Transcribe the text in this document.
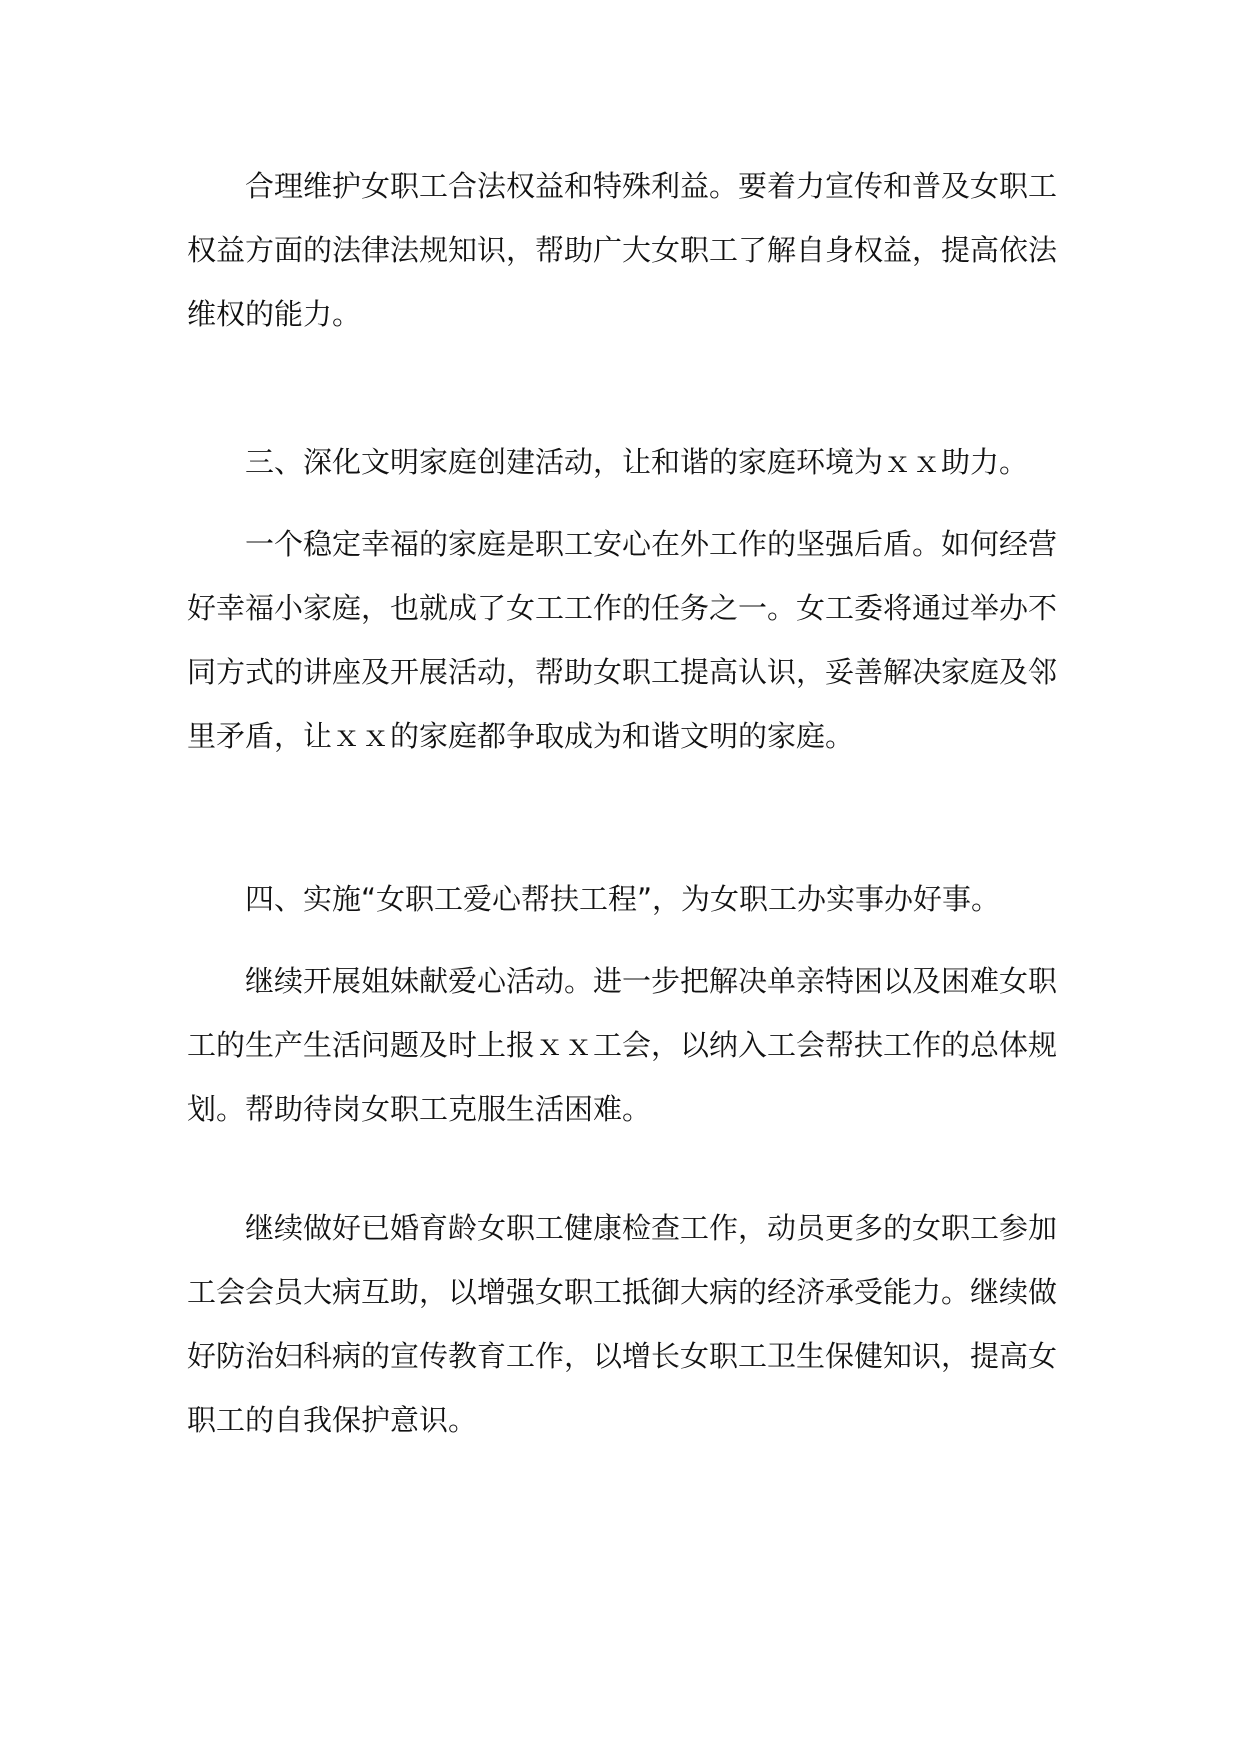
合理维护女职工合法权益和特殊利益。要着力宣传和普及女职工权益方面的法律法规知识，帮助广大女职工了解自身权益，提高依法维权的能力。

三、深化文明家庭创建活动，让和谐的家庭环境为ｘｘ助力。

一个稳定幸福的家庭是职工安心在外工作的坚强后盾。如何经营好幸福小家庭，也就成了女工工作的任务之一。女工委将通过举办不同方式的讲座及开展活动，帮助女职工提高认识，妥善解决家庭及邻里矛盾，让ｘｘ的家庭都争取成为和谐文明的家庭。

四、实施“女职工爱心帮扶工程”，为女职工办实事办好事。

继续开展姐妹献爱心活动。进一步把解决单亲特困以及困难女职工的生产生活问题及时上报ｘｘ工会，以纳入工会帮扶工作的总体规划。帮助待岗女职工克服生活困难。

继续做好已婚育龄女职工健康检查工作，动员更多的女职工参加工会会员大病互助，以增强女职工抵御大病的经济承受能力。继续做好防治妇科病的宣传教育工作，以增长女职工卫生保健知识，提高女职工的自我保护意识。
